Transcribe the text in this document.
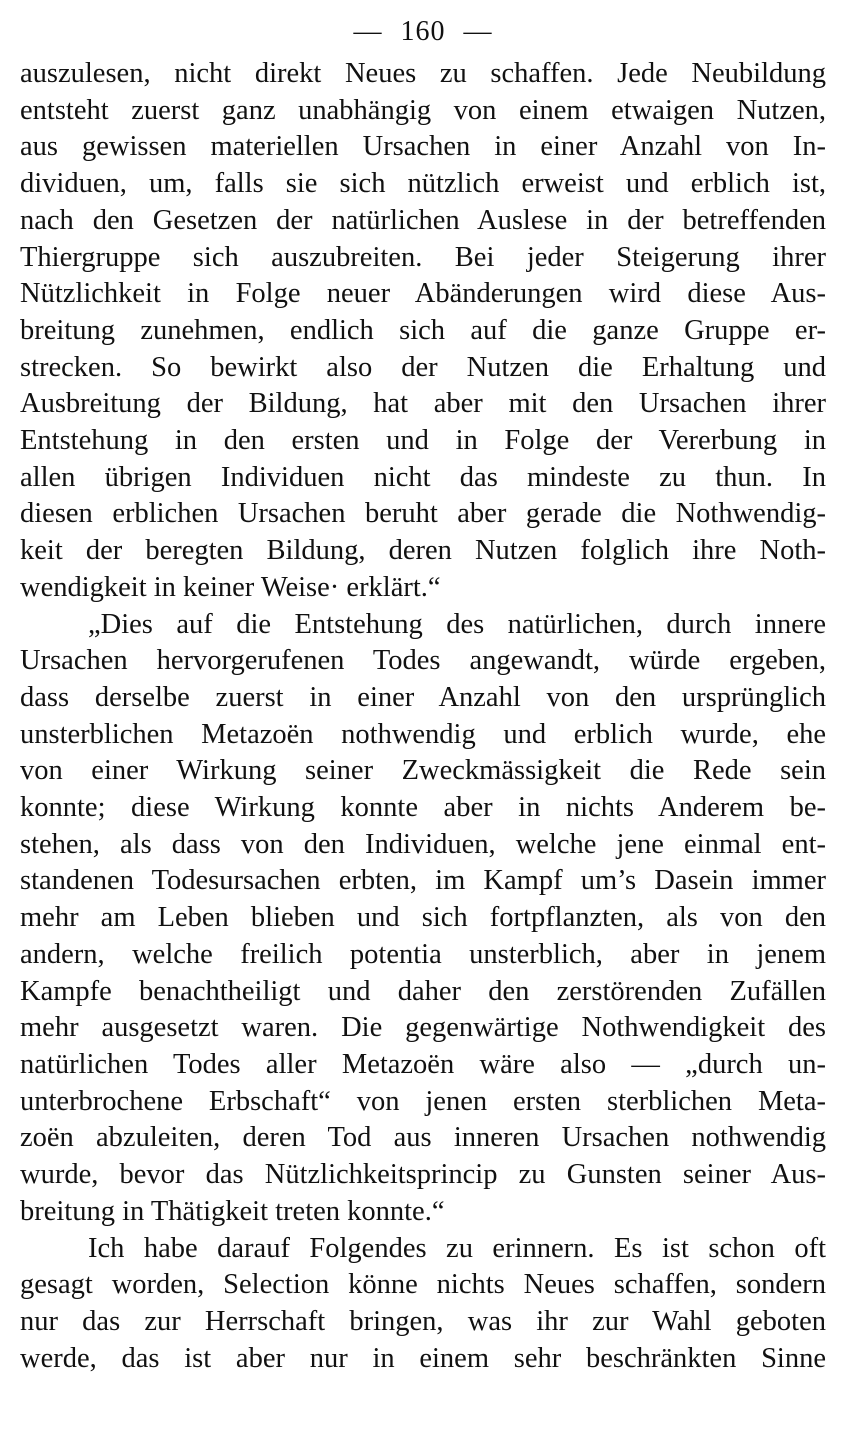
— 160 —

auszulesen, nicht direkt Neues zu schaffen. Jede Neubildung
entsteht zuerst ganz unabhängig von einem etwaigen Nutzen,
aus gewissen materiellen Ursachen in einer Anzahl von In-
dividuen, um, falls sie sich nützlich erweist und erblich ist,
nach den Gesetzen der natürlichen Auslese in der betreffenden
Thiergruppe sich auszubreiten. Bei jeder Steigerung ihrer
Nützlichkeit in Folge neuer Abänderungen wird diese Aus-
breitung zunehmen, endlich sich auf die ganze Gruppe er-
strecken. So bewirkt also der Nutzen die Erhaltung und
Ausbreitung der Bildung, hat aber mit den Ursachen ihrer
Entstehung in den ersten und in Folge der Vererbung in
allen übrigen Individuen nicht das mindeste zu thun. In
diesen erblichen Ursachen beruht aber gerade die Nothwendig-
keit der beregten Bildung, deren Nutzen folglich ihre Noth-
wendigkeit in keiner Weise· erklärt.“

„Dies auf die Entstehung des natürlichen, durch innere
Ursachen hervorgerufenen Todes angewandt, würde ergeben,
dass derselbe zuerst in einer Anzahl von den ursprünglich
unsterblichen Metazoën nothwendig und erblich wurde, ehe
von einer Wirkung seiner Zweckmässigkeit die Rede sein
konnte; diese Wirkung konnte aber in nichts Anderem be-
stehen, als dass von den Individuen, welche jene einmal ent-
standenen Todesursachen erbten, im Kampf um’s Dasein immer
mehr am Leben blieben und sich fortpflanzten, als von den
andern, welche freilich potentia unsterblich, aber in jenem
Kampfe benachtheiligt und daher den zerstörenden Zufällen
mehr ausgesetzt waren. Die gegenwärtige Nothwendigkeit des
natürlichen Todes aller Metazoën wäre also — „durch un-
unterbrochene Erbschaft“ von jenen ersten sterblichen Meta-
zoën abzuleiten, deren Tod aus inneren Ursachen nothwendig
wurde, bevor das Nützlichkeitsprincip zu Gunsten seiner Aus-
breitung in Thätigkeit treten konnte.“

Ich habe darauf Folgendes zu erinnern. Es ist schon oft
gesagt worden, Selection könne nichts Neues schaffen, sondern
nur das zur Herrschaft bringen, was ihr zur Wahl geboten
werde, das ist aber nur in einem sehr beschränkten Sinne
